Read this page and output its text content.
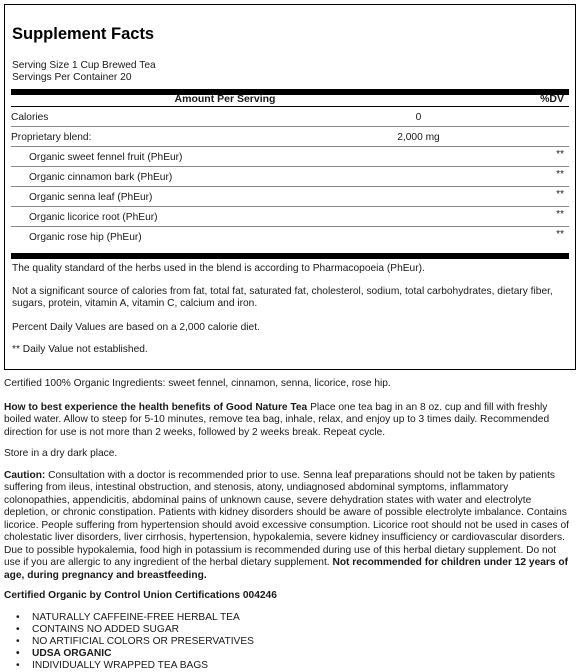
Supplement Facts
Serving Size 1 Cup Brewed Tea
Servings Per Container 20
Amount Per Serving	%DV
Calories	0
Proprietary blend:	2,000 mg
Organic sweet fennel fruit (PhEur)	**
Organic cinnamon bark (PhEur)	**
Organic senna leaf (PhEur)	**
Organic licorice root (PhEur)	**
Organic rose hip (PhEur)	**
The quality standard of the herbs used in the blend is according to Pharmacopoeia (PhEur).
Not a significant source of calories from fat, total fat, saturated fat, cholesterol, sodium, total carbohydrates, dietary fiber, sugars, protein, vitamin A, vitamin C, calcium and iron.
Percent Daily Values are based on a 2,000 calorie diet.
** Daily Value not established.
Certified 100% Organic Ingredients: sweet fennel, cinnamon, senna, licorice, rose hip.
How to best experience the health benefits of Good Nature Tea Place one tea bag in an 8 oz. cup and fill with freshly boiled water. Allow to steep for 5-10 minutes, remove tea bag, inhale, relax, and enjoy up to 3 times daily. Recommended direction for use is not more than 2 weeks, followed by 2 weeks break. Repeat cycle.
Store in a dry dark place.
Caution: Consultation with a doctor is recommended prior to use. Senna leaf preparations should not be taken by patients suffering from ileus, intestinal obstruction, and stenosis, atony, undiagnosed abdominal symptoms, inflammatory colonopathies, appendicitis, abdominal pains of unknown cause, severe dehydration states with water and electrolyte depletion, or chronic constipation. Patients with kidney disorders should be aware of possible electrolyte imbalance. Contains licorice. People suffering from hypertension should avoid excessive consumption. Licorice root should not be used in cases of cholestatic liver disorders, liver cirrhosis, hypertension, hypokalemia, severe kidney insufficiency or cardiovascular disorders. Due to possible hypokalemia, food high in potassium is recommended during use of this herbal dietary supplement. Do not use if you are allergic to any ingredient of the herbal dietary supplement. Not recommended for children under 12 years of age, during pregnancy and breastfeeding.
Certified Organic by Control Union Certifications 004246
• NATURALLY CAFFEINE-FREE HERBAL TEA
• CONTAINS NO ADDED SUGAR
• NO ARTIFICIAL COLORS OR PRESERVATIVES
• UDSA ORGANIC
• INDIVIDUALLY WRAPPED TEA BAGS
